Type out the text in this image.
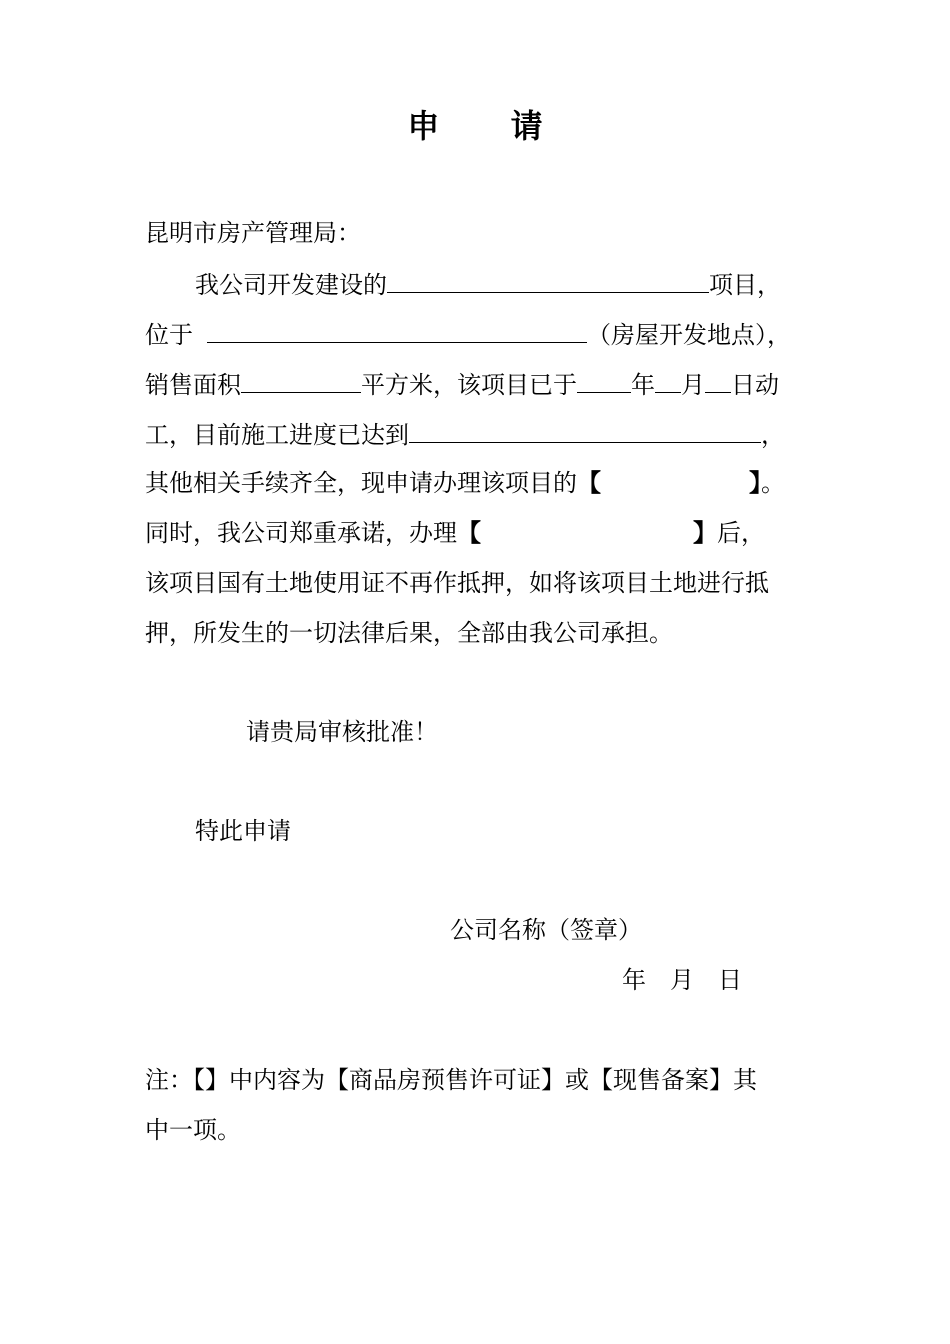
申 请
昆明市房产管理局：
我公司开发建设的	项目，
位于	（房屋开发地点），
销售面积	平方米，该项目已于 年 月 日动
工，目前施工进度已达到	，
其他相关手续齐全，现申请办理该项目的【	】。
同时，我公司郑重承诺，办理【	】后，
该项目国有土地使用证不再作抵押，如将该项目土地进行抵
押，所发生的一切法律后果，全部由我公司承担。
请贵局审核批准！
特此申请
公司名称（签章）
年　月　日
注：【】中内容为【商品房预售许可证】或【现售备案】其
中一项。
